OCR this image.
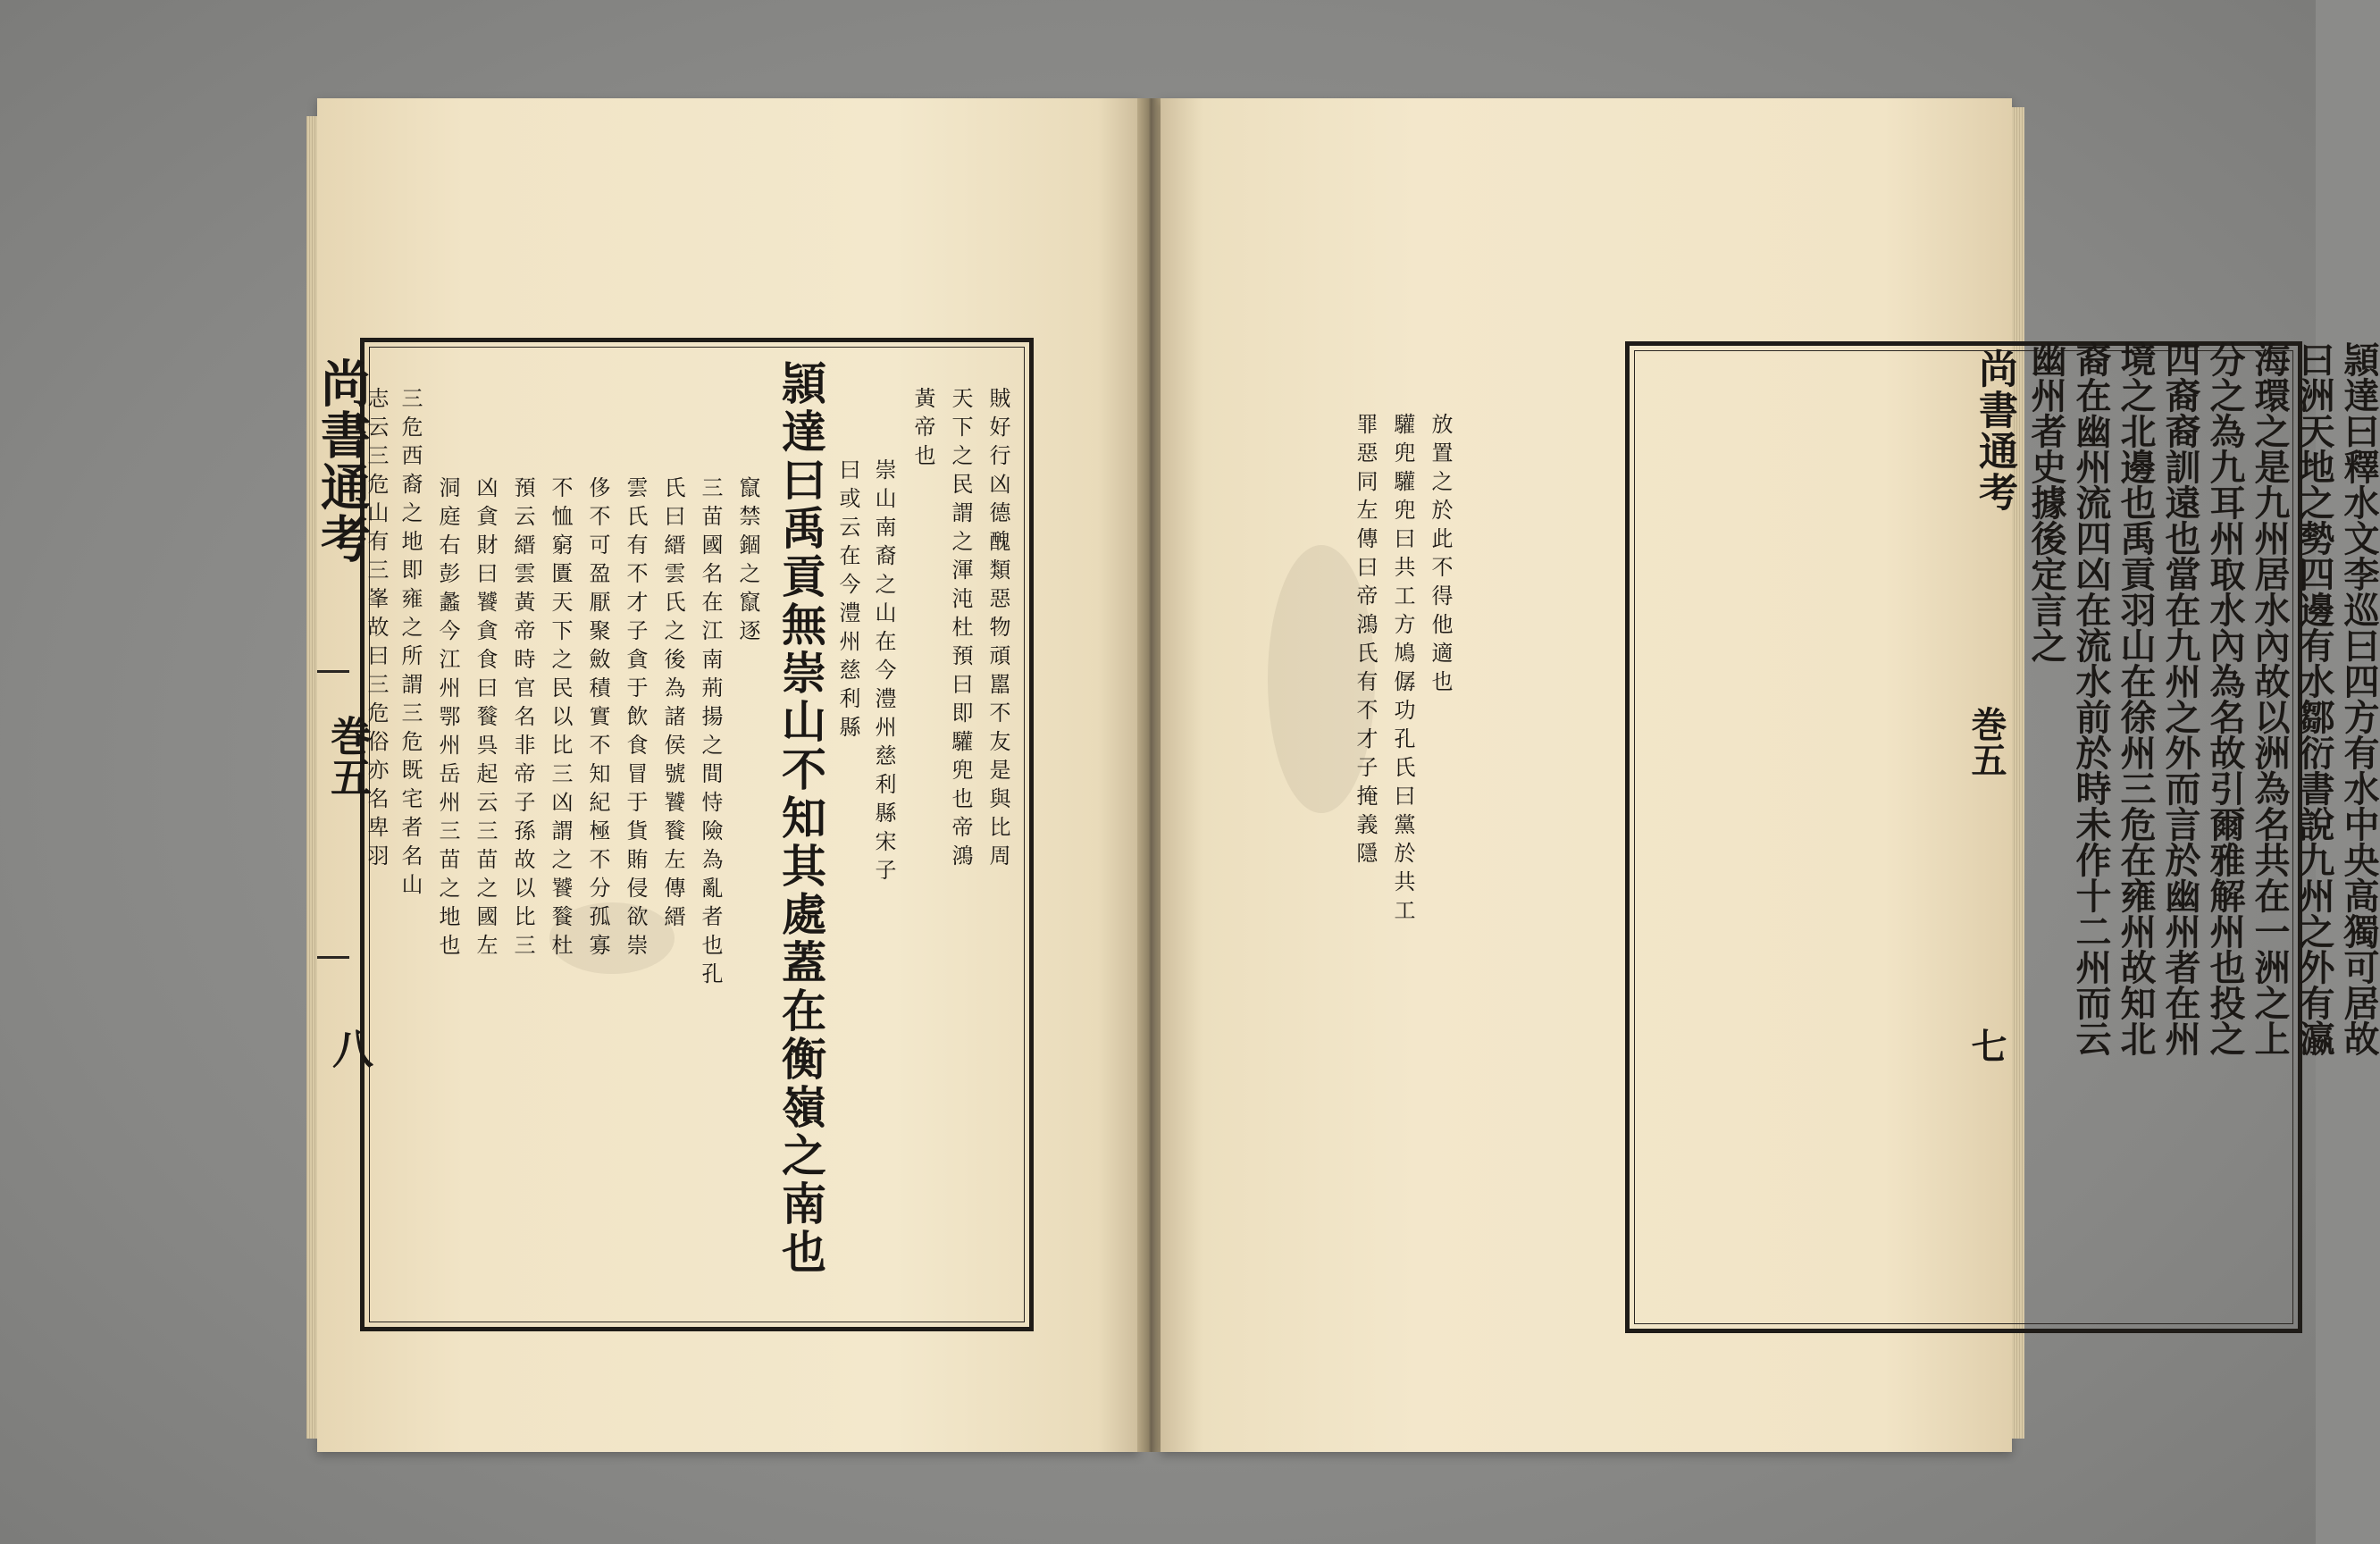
賊好行凶德醜類惡物頑嚚不友是與比周
天下之民謂之渾沌杜預曰即驩兜也帝鴻
黃帝也
崇山南裔之山在今澧州慈利縣宋子
曰或云在今澧州慈利縣
頴達曰禹貢無崇山不知其處蓋在衡嶺之南也
竄禁錮之竄逐
三苗國名在江南荊揚之間恃險為亂者也孔
氏曰縉雲氏之後為諸侯號饕餮左傳縉
雲氏有不才子貪于飲食冒于貨賄侵欲崇
侈不可盈厭聚斂積實不知紀極不分孤寡
不恤窮匱天下之民以比三凶謂之饕餮杜
預云縉雲黃帝時官名非帝子孫故以比三
凶貪財曰饕貪食曰餮呉起云三苗之國左
洞庭右彭蠡今江州鄂州岳州三苗之地也
三危西裔之地即雍之所謂三危既宅者名山
志云三危山有三峯故曰三危俗亦名卑羽
尚書通考
巻五
八	頴達曰釋水文李巡曰四方有水中央高獨可居故
曰洲天地之勢四邊有水鄒衍書說九州之外有瀛
海環之是九州居水內故以洲為名共在一洲之上
分之為九耳州取水內為名故引爾雅解州也投之
四裔裔訓遠也當在九州之外而言於幽州者在州
境之北邊也禹貢羽山在徐州三危在雍州故知北
裔在幽州流四凶在流水前於時未作十二州而云
幽州者史據後定言之
放置之於此不得他適也
驩兜驩兜曰共工方鳩僝功孔氏曰黨於共工
罪惡同左傳曰帝鴻氏有不才子掩義隱	尚書通考
巻五
七
